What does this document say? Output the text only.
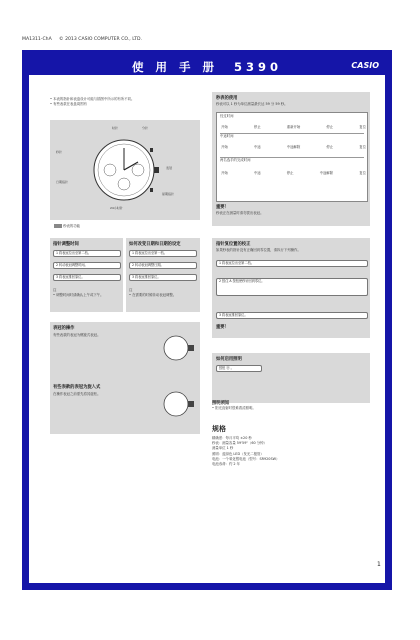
MA1311-ChA © 2013 CASIO COMPUTER CO., LTD.
使 用 手 册 5390	CASIO
• 本表的指针和表盘设计可能与插图中所示的有所不同。
• 有些表款在表盘周围有
时针	分针
表冠
秒针
日期指针
星期指针
24小时针
秒表的功能
指针调整时间
1 将表冠拉出至第二档。
2 转动表冠调整时间。
3 将表冠推回原位。
注
• 调整时间时请确认上午或下午。
如何改变日期和日期的设定
1 将表冠拉出至第一档。
2 转动表冠调整日期。
3 将表冠推回原位。
注
• 在需要的时候转动表冠调整。
表冠的操作
有些表款的表冠为螺旋式表冠。
有些表款的表冠为旋入式
在操作表冠之前需先将其旋松。
秒表的使用
秒表可以 1 秒为单位测量最长达 59 分 59 秒。
经过时间
开始	停止	重新开始	停止	复位
中途时间
开始	中途	中途解除	停止	复位
两名选手的完成时间
开始	中途	停止	中途解除	复位
重要！
秒表正在测量时请勿拔出表冠。
指针复位置的校正
如果秒表的指针没有正确回到零位置，请执行下列操作。
1 将表冠拉出至第二档。
2 按住 A 按钮使秒针回到零位。
3 将表冠推回原位。
重要！
如何启用照明
按钮 Ⓑ 。
照明须知
• 阳光直射时很难看清照明。
规格
精确度：每月平均 ±20 秒
秒表：测量容量 59'59"（60 分钟）
测量单位 1 秒
照明：蓝绿色 LED（发光二极管）
电池：一个氧化银电池（型号：SR920SW）
电池寿命：约 2 年
1
